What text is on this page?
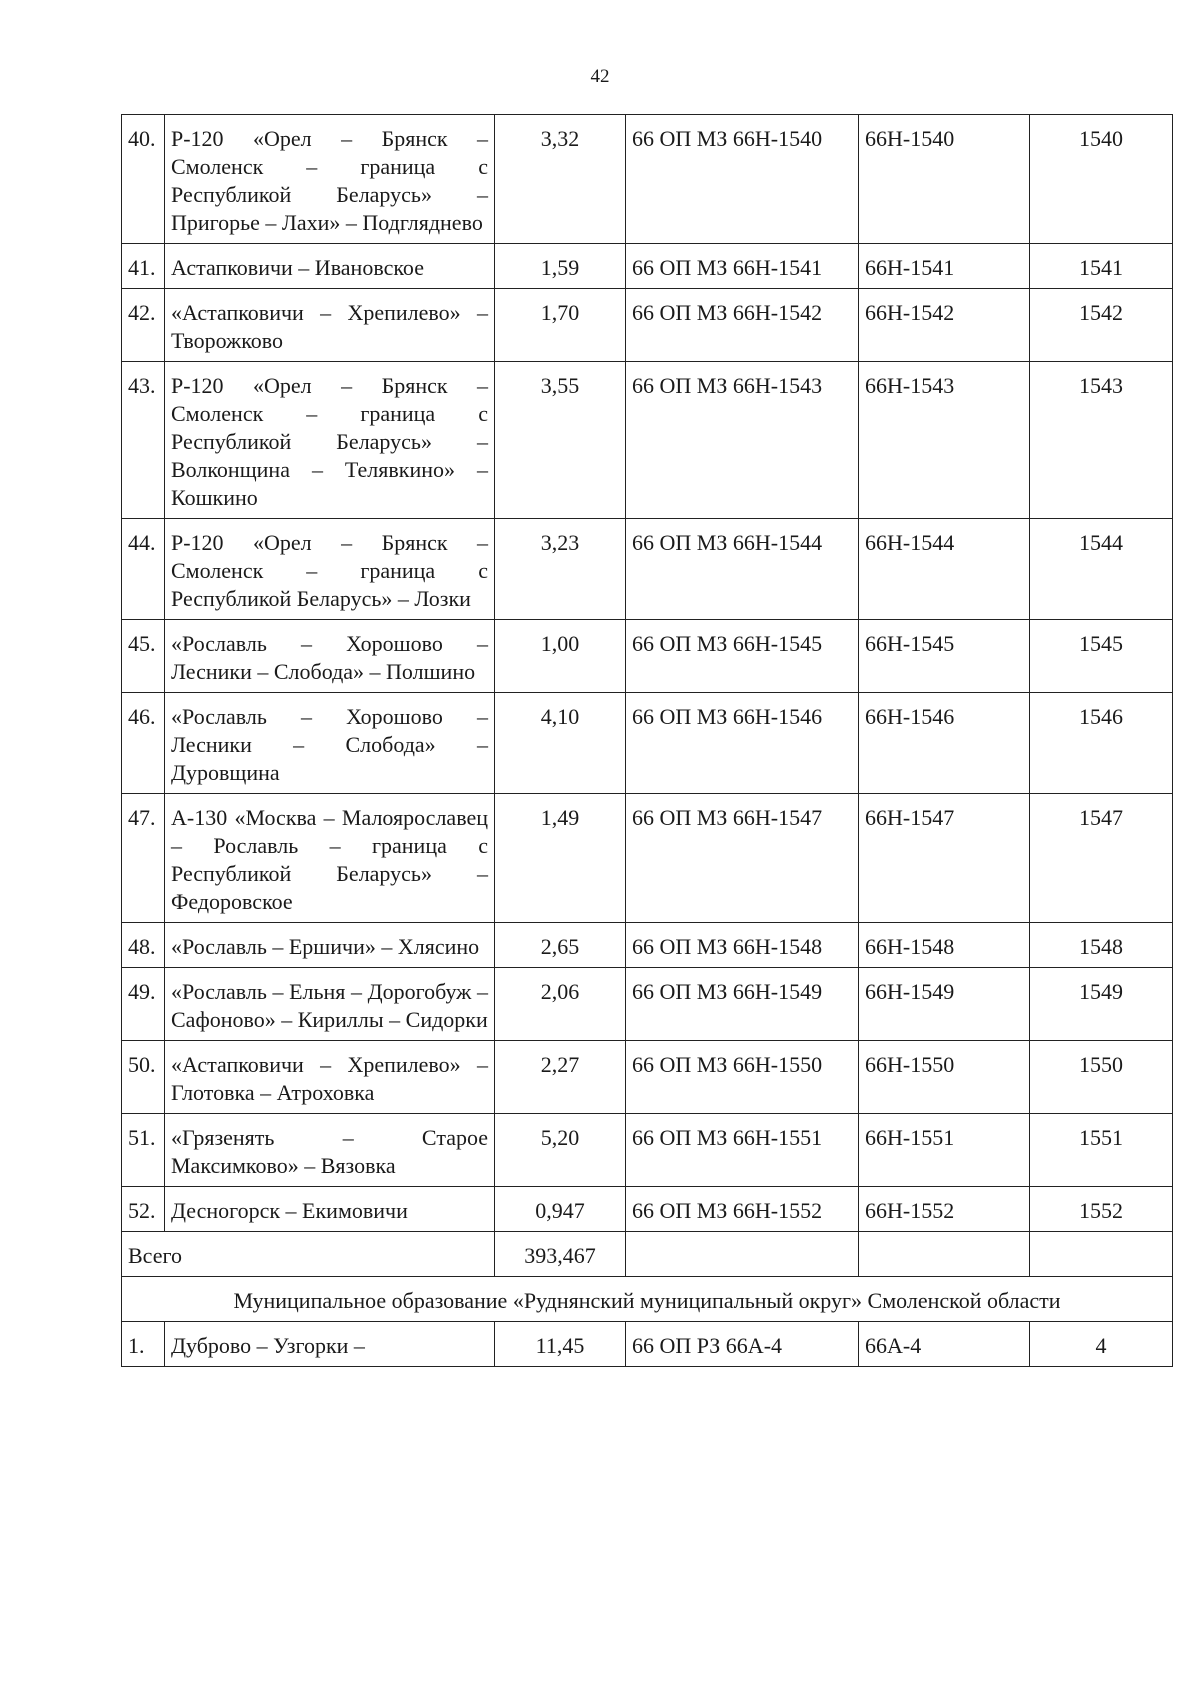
42
40.	Р-120 «Орел – Брянск – Смоленск – граница с Республикой Беларусь» – Пригорье – Лахи» – Подгляднево	3,32	66 ОП МЗ 66Н-1540	66Н-1540	1540
41.	Астапковичи – Ивановское	1,59	66 ОП МЗ 66Н-1541	66Н-1541	1541
42.	«Астапковичи – Хрепилево» – Творожково	1,70	66 ОП МЗ 66Н-1542	66Н-1542	1542
43.	Р-120 «Орел – Брянск – Смоленск – граница с Республикой Беларусь» – Волконщина – Телявкино» – Кошкино	3,55	66 ОП МЗ 66Н-1543	66Н-1543	1543
44.	Р-120 «Орел – Брянск – Смоленск – граница с Республикой Беларусь» – Лозки	3,23	66 ОП МЗ 66Н-1544	66Н-1544	1544
45.	«Рославль – Хорошово – Лесники – Слобода» – Полшино	1,00	66 ОП МЗ 66Н-1545	66Н-1545	1545
46.	«Рославль – Хорошово – Лесники – Слобода» – Дуровщина	4,10	66 ОП МЗ 66Н-1546	66Н-1546	1546
47.	А-130 «Москва – Малоярославец – Рославль – граница с Республикой Беларусь» – Федоровское	1,49	66 ОП МЗ 66Н-1547	66Н-1547	1547
48.	«Рославль – Ершичи» – Хлясино	2,65	66 ОП МЗ 66Н-1548	66Н-1548	1548
49.	«Рославль – Ельня – Дорогобуж – Сафоново» – Кириллы – Сидорки	2,06	66 ОП МЗ 66Н-1549	66Н-1549	1549
50.	«Астапковичи – Хрепилево» – Глотовка – Атроховка	2,27	66 ОП МЗ 66Н-1550	66Н-1550	1550
51.	«Грязенять – Старое Максимково» – Вязовка	5,20	66 ОП МЗ 66Н-1551	66Н-1551	1551
52.	Десногорск – Екимовичи	0,947	66 ОП МЗ 66Н-1552	66Н-1552	1552
Всего		393,467			
Муниципальное образование «Руднянский муниципальный округ» Смоленской области					
1.	Дуброво – Узгорки –	11,45	66 ОП РЗ 66А-4	66А-4	4
